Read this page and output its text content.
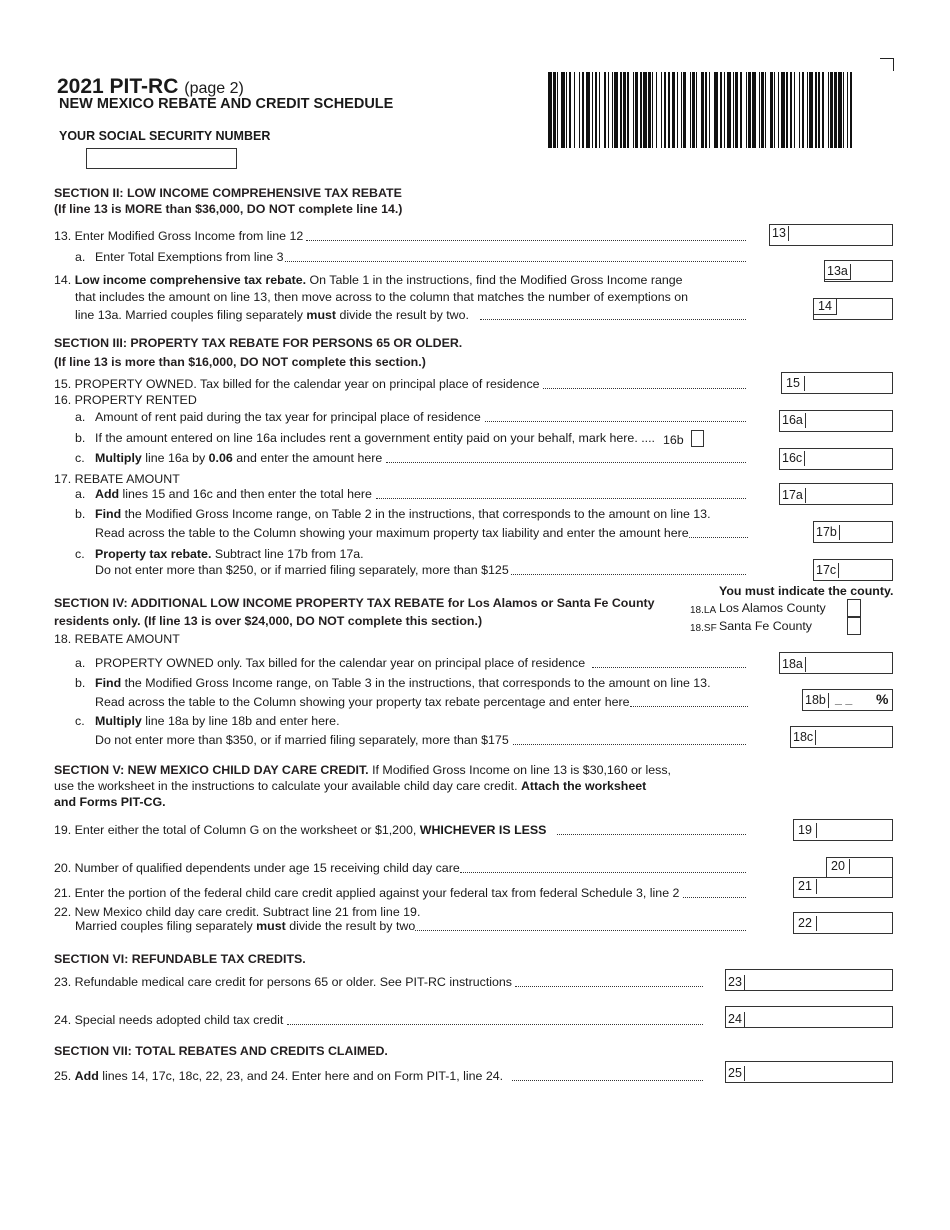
2021 PIT-RC (page 2)
NEW MEXICO REBATE AND CREDIT SCHEDULE
YOUR SOCIAL SECURITY NUMBER
SECTION II: LOW INCOME COMPREHENSIVE TAX REBATE
(If line 13 is MORE than $36,000, DO NOT complete line 14.)
13. Enter Modified Gross Income from line 12	13
a. Enter Total Exemptions from line 3
13a
14. Low income comprehensive tax rebate. On Table 1 in the instructions, find the Modified Gross Income range
that includes the amount on line 13, then move across to the column that matches the number of exemptions on
line 13a. Married couples filing separately must divide the result by two.
14
SECTION III: PROPERTY TAX REBATE FOR PERSONS 65 OR OLDER.
(If line 13 is more than $16,000, DO NOT complete this section.)
15. PROPERTY OWNED. Tax billed for the calendar year on principal place of residence	15
16. PROPERTY RENTED
a. Amount of rent paid during the tax year for principal place of residence	16a
b. If the amount entered on line 16a includes rent a government entity paid on your behalf, mark here. .... 16b
c. Multiply line 16a by 0.06 and enter the amount here	16c
17. REBATE AMOUNT
a. Add lines 15 and 16c and then enter the total here	17a
b. Find the Modified Gross Income range, on Table 2 in the instructions, that corresponds to the amount on line 13.
Read across the table to the Column showing your maximum property tax liability and enter the amount here	17b
c. Property tax rebate. Subtract line 17b from 17a.
Do not enter more than $250, or if married filing separately, more than $125	17c
SECTION IV: ADDITIONAL LOW INCOME PROPERTY TAX REBATE for Los Alamos or Santa Fe County
residents only. (If line 13 is over $24,000, DO NOT complete this section.)
You must indicate the county.
18.LA Los Alamos County
18.SF Santa Fe County
18. REBATE AMOUNT
a. PROPERTY OWNED only. Tax billed for the calendar year on principal place of residence	18a
b. Find the Modified Gross Income range, on Table 3 in the instructions, that corresponds to the amount on line 13.
Read across the table to the Column showing your property tax rebate percentage and enter here	18b _ _ %
c. Multiply line 18a by line 18b and enter here.
Do not enter more than $350, or if married filing separately, more than $175	18c
SECTION V: NEW MEXICO CHILD DAY CARE CREDIT. If Modified Gross Income on line 13 is $30,160 or less,
use the worksheet in the instructions to calculate your available child day care credit. Attach the worksheet
and Forms PIT-CG.
19. Enter either the total of Column G on the worksheet or $1,200, WHICHEVER IS LESS	19
20. Number of qualified dependents under age 15 receiving child day care	20
21. Enter the portion of the federal child care credit applied against your federal tax from federal Schedule 3, line 2	21
22. New Mexico child day care credit. Subtract line 21 from line 19.
Married couples filing separately must divide the result by two	22
SECTION VI: REFUNDABLE TAX CREDITS.
23. Refundable medical care credit for persons 65 or older. See PIT-RC instructions	23
24. Special needs adopted child tax credit	24
SECTION VII: TOTAL REBATES AND CREDITS CLAIMED.
25. Add lines 14, 17c, 18c, 22, 23, and 24. Enter here and on Form PIT-1, line 24.	25
